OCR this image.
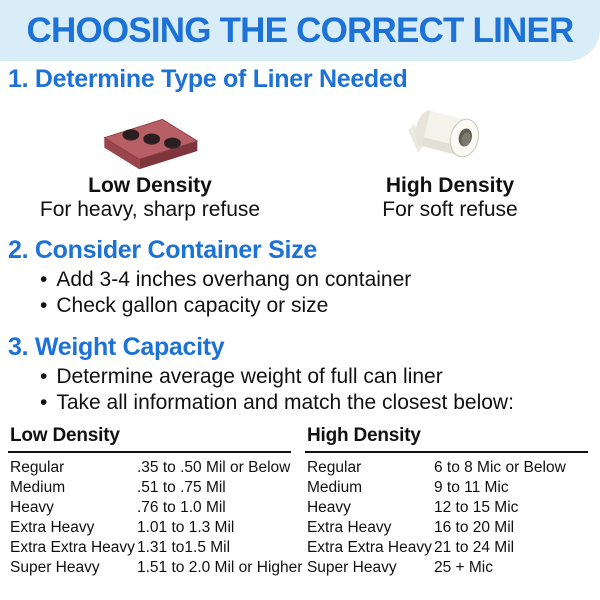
CHOOSING THE CORRECT LINER
1. Determine Type of Liner Needed
Low Density
For heavy, sharp refuse
High Density
For soft refuse
2. Consider Container Size
• Add 3-4 inches overhang on container
• Check gallon capacity or size
3. Weight Capacity
• Determine average weight of full can liner
• Take all information and match the closest below:
Low Density
Regular	.35 to .50 Mil or Below
Medium	.51 to .75 Mil
Heavy	.76 to 1.0 Mil
Extra Heavy	1.01 to 1.3 Mil
Extra Extra Heavy 1.31 to1.5 Mil
Super Heavy	1.51 to 2.0 Mil or Higher
High Density
Regular	6 to 8 Mic or Below
Medium	9 to 11 Mic
Heavy	12 to 15 Mic
Extra Heavy	16 to 20 Mil
Extra Extra Heavy 21 to 24 Mil
Super Heavy	25 + Mic
